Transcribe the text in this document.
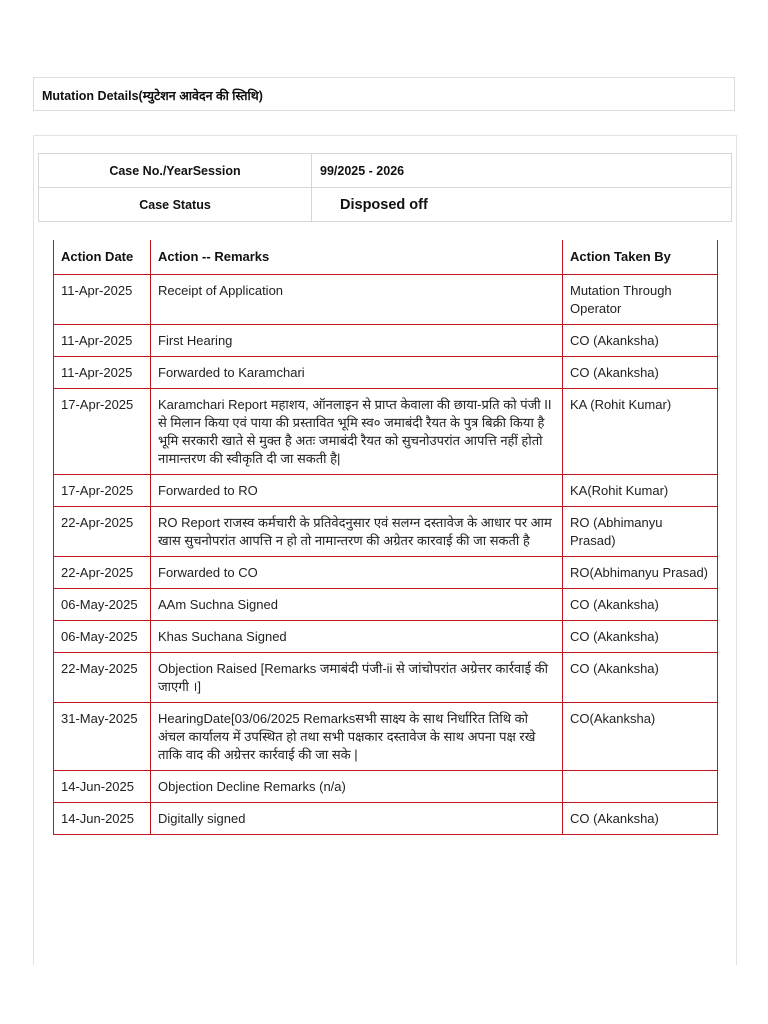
Mutation Details(म्युटेशन आवेदन की स्तिथि)
Case No./YearSession	99/2025 - 2026
Case Status	Disposed off
Action Date	Action -- Remarks	Action Taken By
11-Apr-2025	Receipt of Application	Mutation Through Operator
11-Apr-2025	First Hearing	CO (Akanksha)
11-Apr-2025	Forwarded to Karamchari	CO (Akanksha)
17-Apr-2025	Karamchari Report महाशय, ऑनलाइन से प्राप्त केवाला की छाया-प्रति को पंजी II से मिलान किया एवं पाया की प्रस्तावित भूमि स्व० जमाबंदी रैयत के पुत्र बिक्री किया है भूमि सरकारी खाते से मुक्त है अतः जमाबंदी रैयत को सुचनोउपरांत आपत्ति नहीं होतो नामान्तरण की स्वीकृति दी जा सकती है|	KA (Rohit Kumar)
17-Apr-2025	Forwarded to RO	KA(Rohit Kumar)
22-Apr-2025	RO Report राजस्व कर्मचारी के प्रतिवेदनुसार एवं सलग्न दस्तावेज के आधार पर आम खास सुचनोपरांत आपत्ति न हो तो नामान्तरण की अग्रेतर कारवाई की जा सकती है	RO (Abhimanyu Prasad)
22-Apr-2025	Forwarded to CO	RO(Abhimanyu Prasad)
06-May-2025	AAm Suchna Signed	CO (Akanksha)
06-May-2025	Khas Suchana Signed	CO (Akanksha)
22-May-2025	Objection Raised [Remarks जमाबंदी पंजी-ii से जांचोपरांत अग्रेत्तर कार्रवाई की जाएगी ।]	CO (Akanksha)
31-May-2025	HearingDate[03/06/2025 Remarksसभी साक्ष्य के साथ निर्धारित तिथि को अंचल कार्यालय में उपस्थित हो तथा सभी पक्षकार दस्तावेज के साथ अपना पक्ष रखे ताकि वाद की अग्रेत्तर कार्रवाई की जा सके |	CO(Akanksha)
14-Jun-2025	Objection Decline Remarks (n/a)	
14-Jun-2025	Digitally signed	CO (Akanksha)
